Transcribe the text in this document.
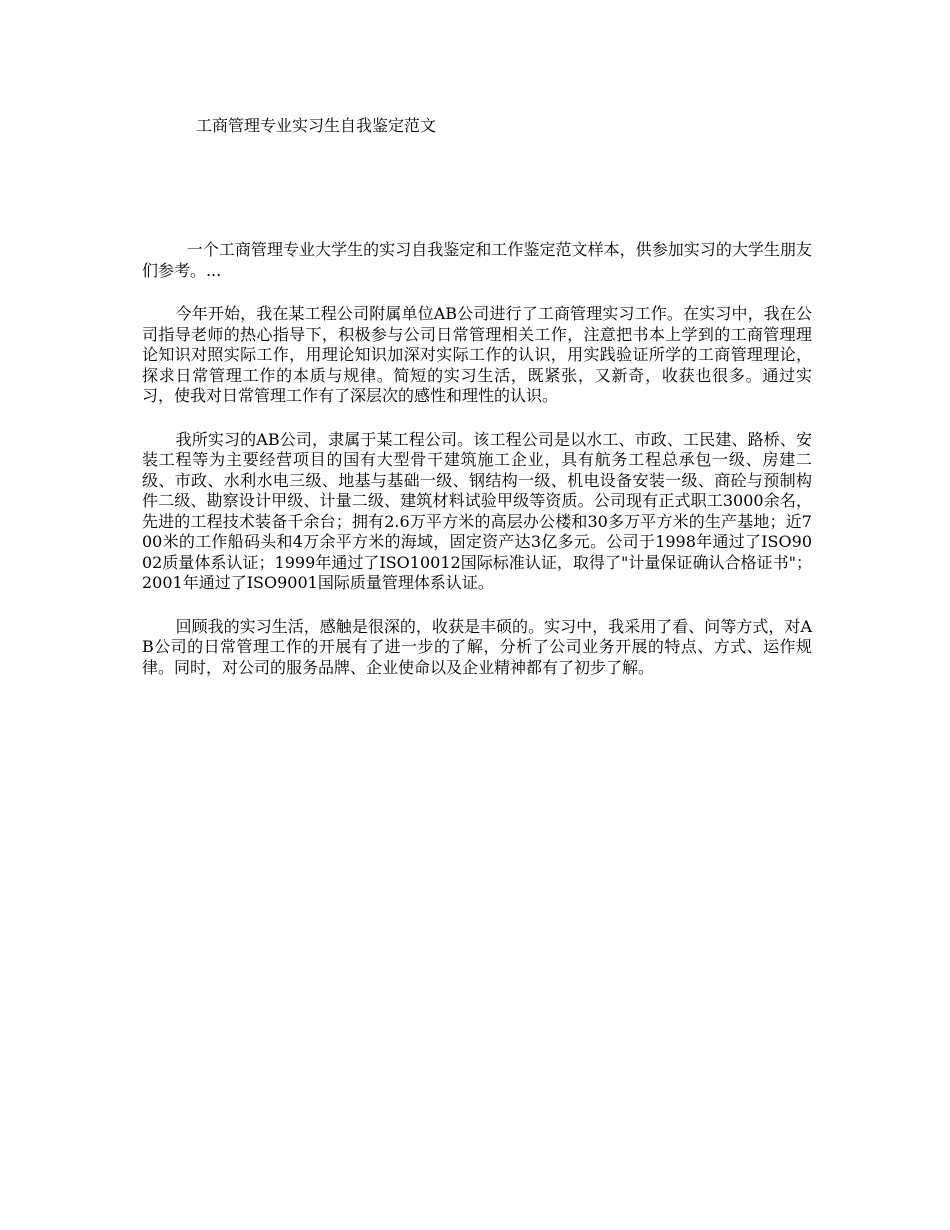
工商管理专业实习生自我鉴定范文

一个工商管理专业大学生的实习自我鉴定和工作鉴定范文样本，供参加实习的大学生朋友们参考。...

今年开始，我在某工程公司附属单位AB公司进行了工商管理实习工作。在实习中，我在公司指导老师的热心指导下，积极参与公司日常管理相关工作，注意把书本上学到的工商管理理论知识对照实际工作，用理论知识加深对实际工作的认识，用实践验证所学的工商管理理论，探求日常管理工作的本质与规律。简短的实习生活，既紧张，又新奇，收获也很多。通过实习，使我对日常管理工作有了深层次的感性和理性的认识。

我所实习的AB公司，隶属于某工程公司。该工程公司是以水工、市政、工民建、路桥、安装工程等为主要经营项目的国有大型骨干建筑施工企业，具有航务工程总承包一级、房建二级、市政、水利水电三级、地基与基础一级、钢结构一级、机电设备安装一级、商砼与预制构件二级、勘察设计甲级、计量二级、建筑材料试验甲级等资质。公司现有正式职工3000余名，先进的工程技术装备千余台；拥有2.6万平方米的高层办公楼和30多万平方米的生产基地；近700米的工作船码头和4万余平方米的海域，固定资产达3亿多元。公司于1998年通过了ISO9002质量体系认证；1999年通过了ISO10012国际标准认证，取得了"计量保证确认合格证书"；2001年通过了ISO9001国际质量管理体系认证。

回顾我的实习生活，感触是很深的，收获是丰硕的。实习中，我采用了看、问等方式，对AB公司的日常管理工作的开展有了进一步的了解，分析了公司业务开展的特点、方式、运作规律。同时，对公司的服务品牌、企业使命以及企业精神都有了初步了解。
